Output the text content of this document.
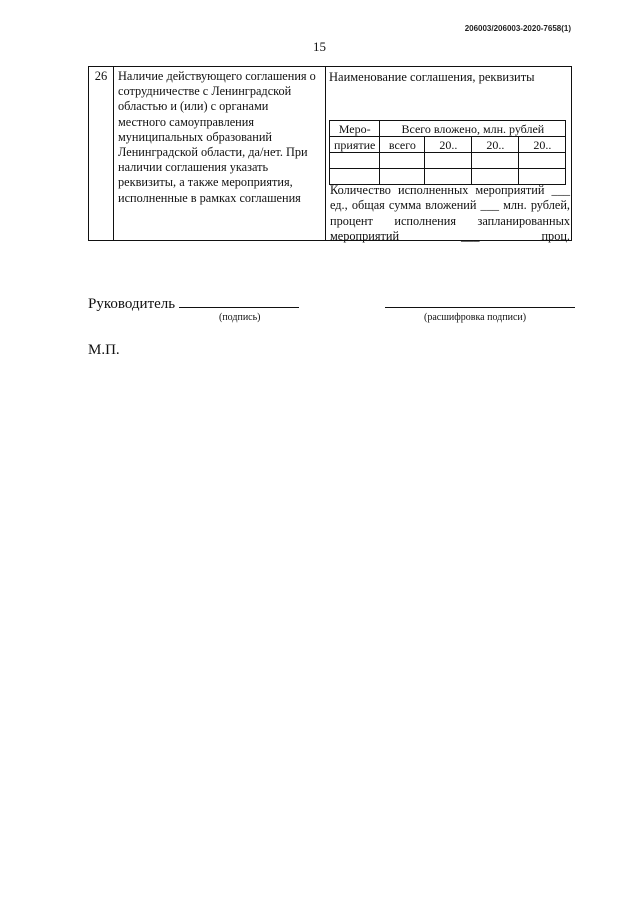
206003/206003-2020-7658(1)
15
26 Наличие действующего соглашения о сотрудничестве с Ленинградской областью и (или) с органами местного самоуправления муниципальных образований Ленинградской области, да/нет. При наличии соглашения указать реквизиты, а также мероприятия, исполненные в рамках соглашения
Наименование соглашения, реквизиты
Меро-	Всего вложено, млн. рублей			
приятие	всего	20..	20..	20..

Количество исполненных мероприятий ___ ед., общая сумма вложений ___ млн. рублей, процент исполнения запланированных мероприятий ___ проц.
Руководитель
(подпись)	(расшифровка подписи)
М.П.
